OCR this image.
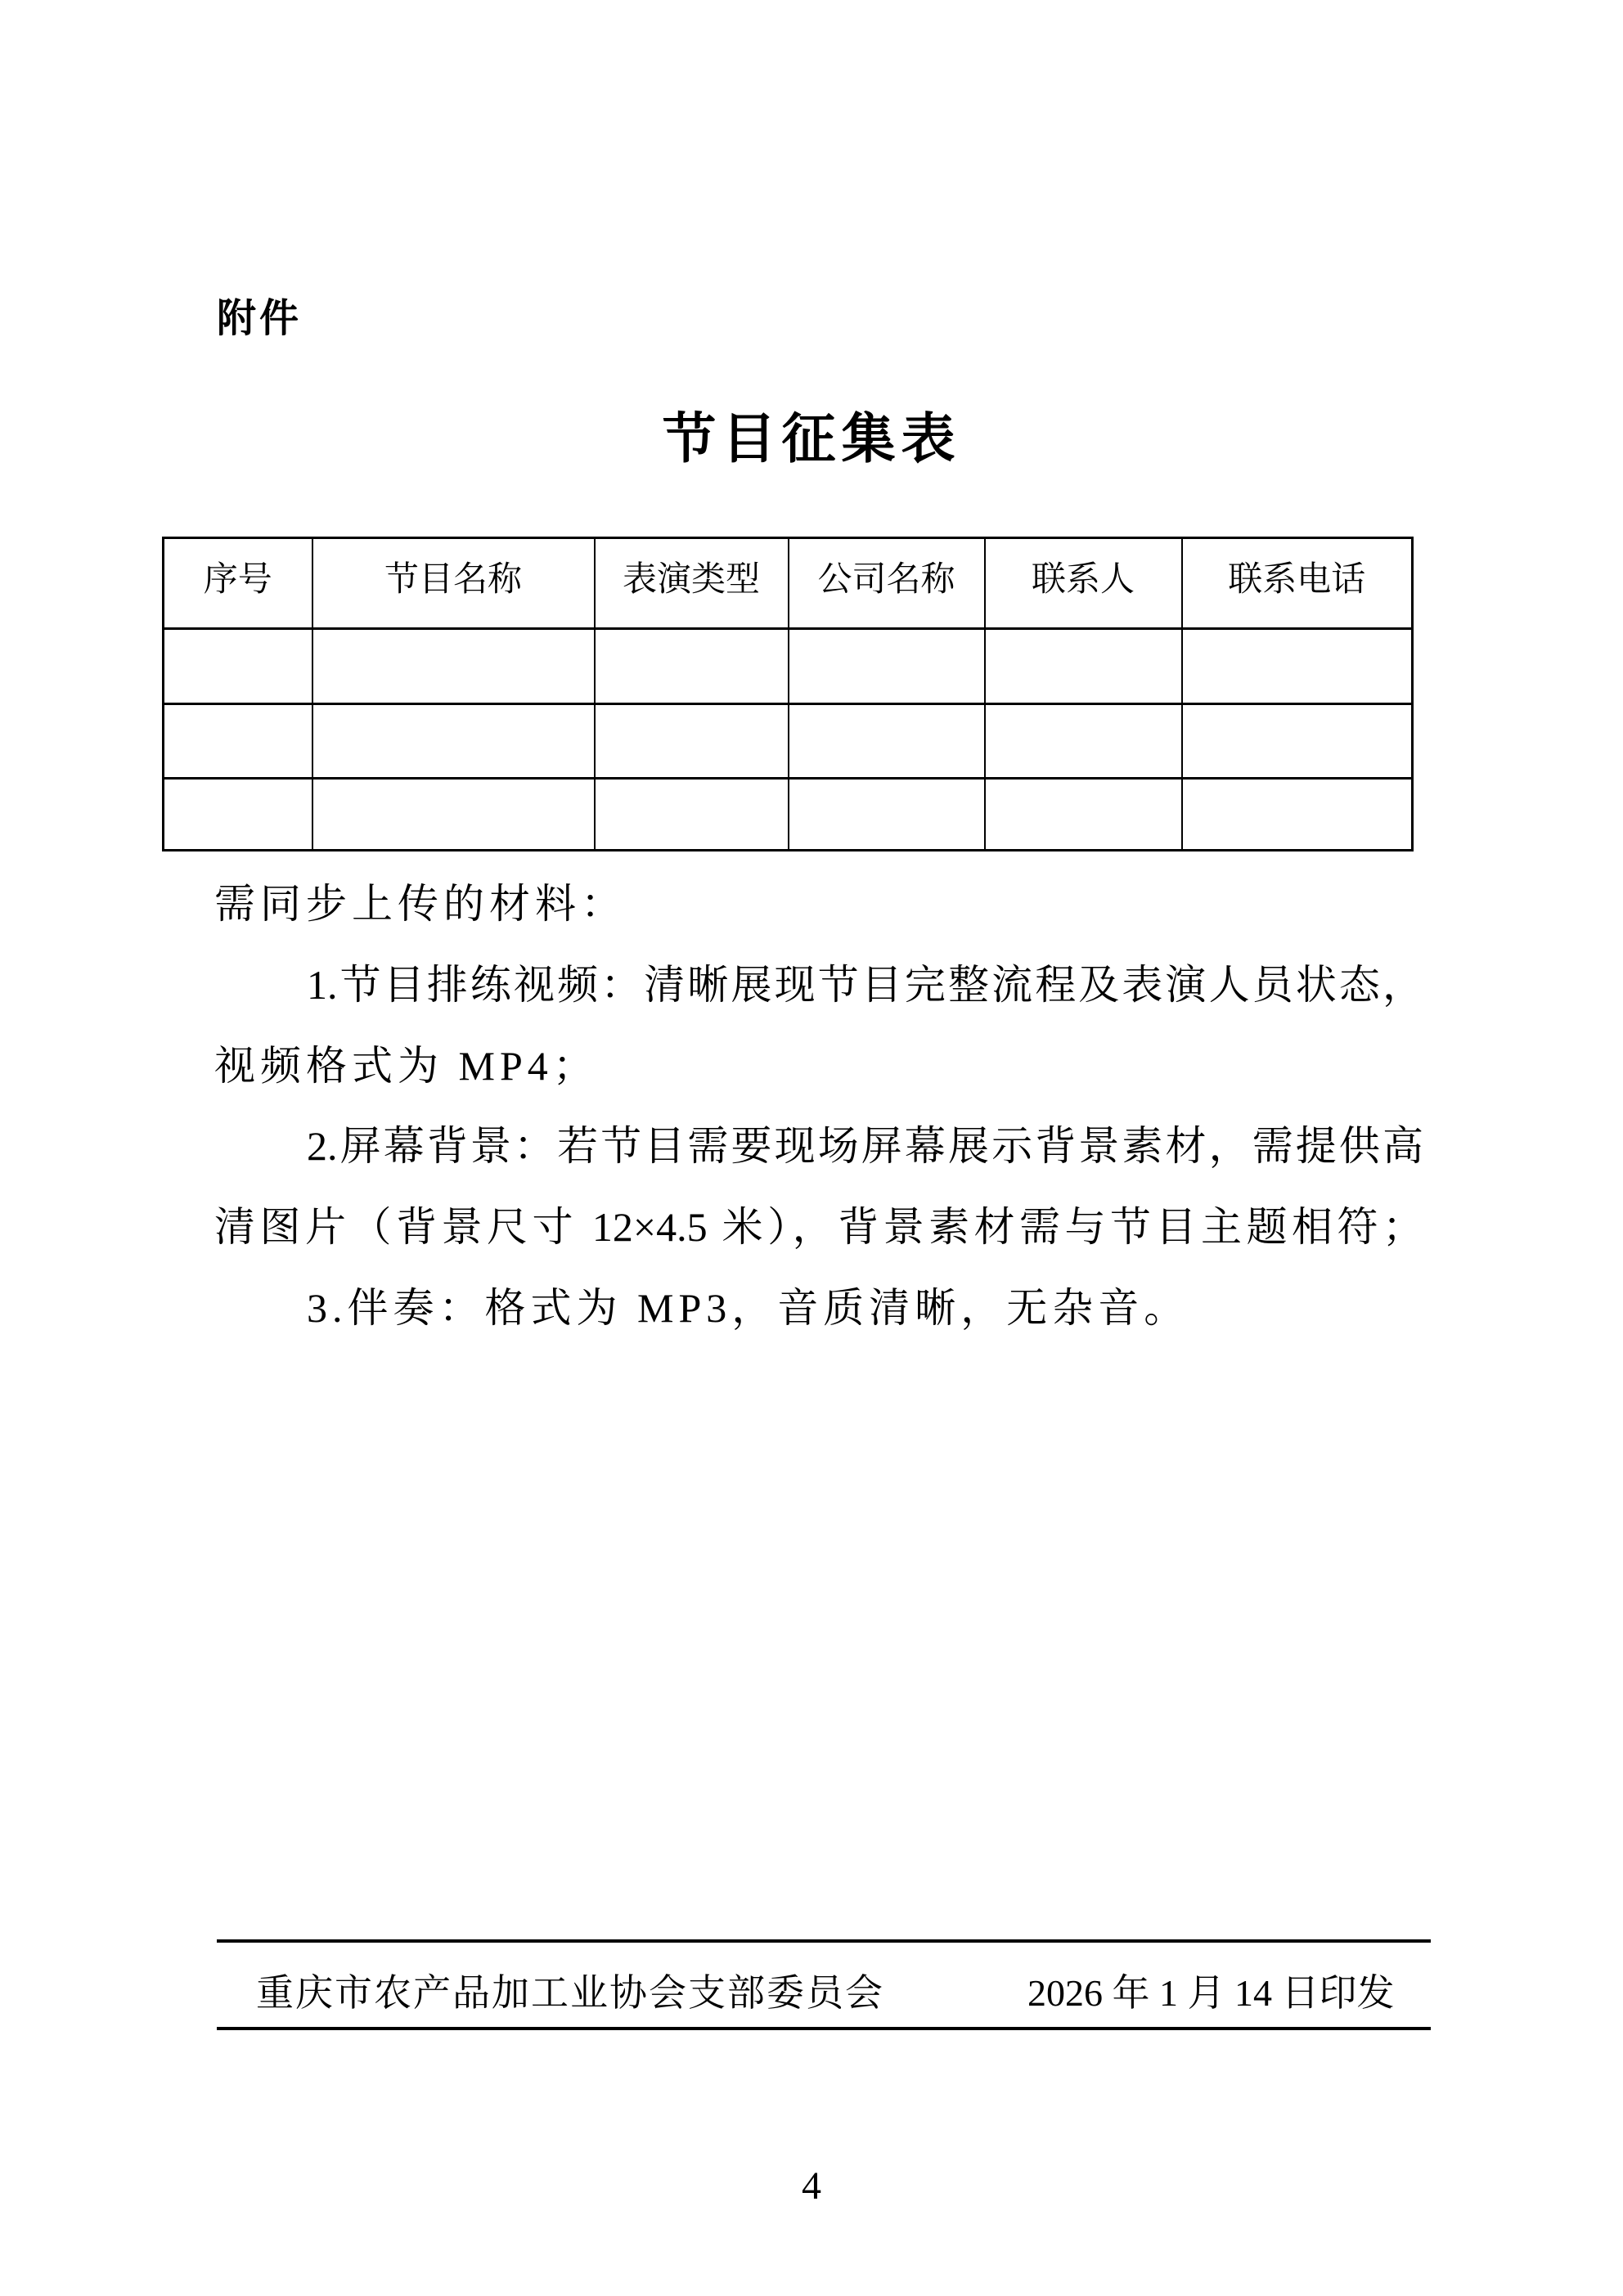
附件
节目征集表
序号	节目名称	表演类型	公司名称	联系人	联系电话

需同步上传的材料：
1.节目排练视频：清晰展现节目完整流程及表演人员状态，
视频格式为 MP4；
2.屏幕背景：若节目需要现场屏幕展示背景素材，需提供高
清图片（背景尺寸 12×4.5 米），背景素材需与节目主题相符；
3.伴奏：格式为 MP3，音质清晰，无杂音。
重庆市农产品加工业协会支部委员会	2026 年 1 月 14 日印发
4
